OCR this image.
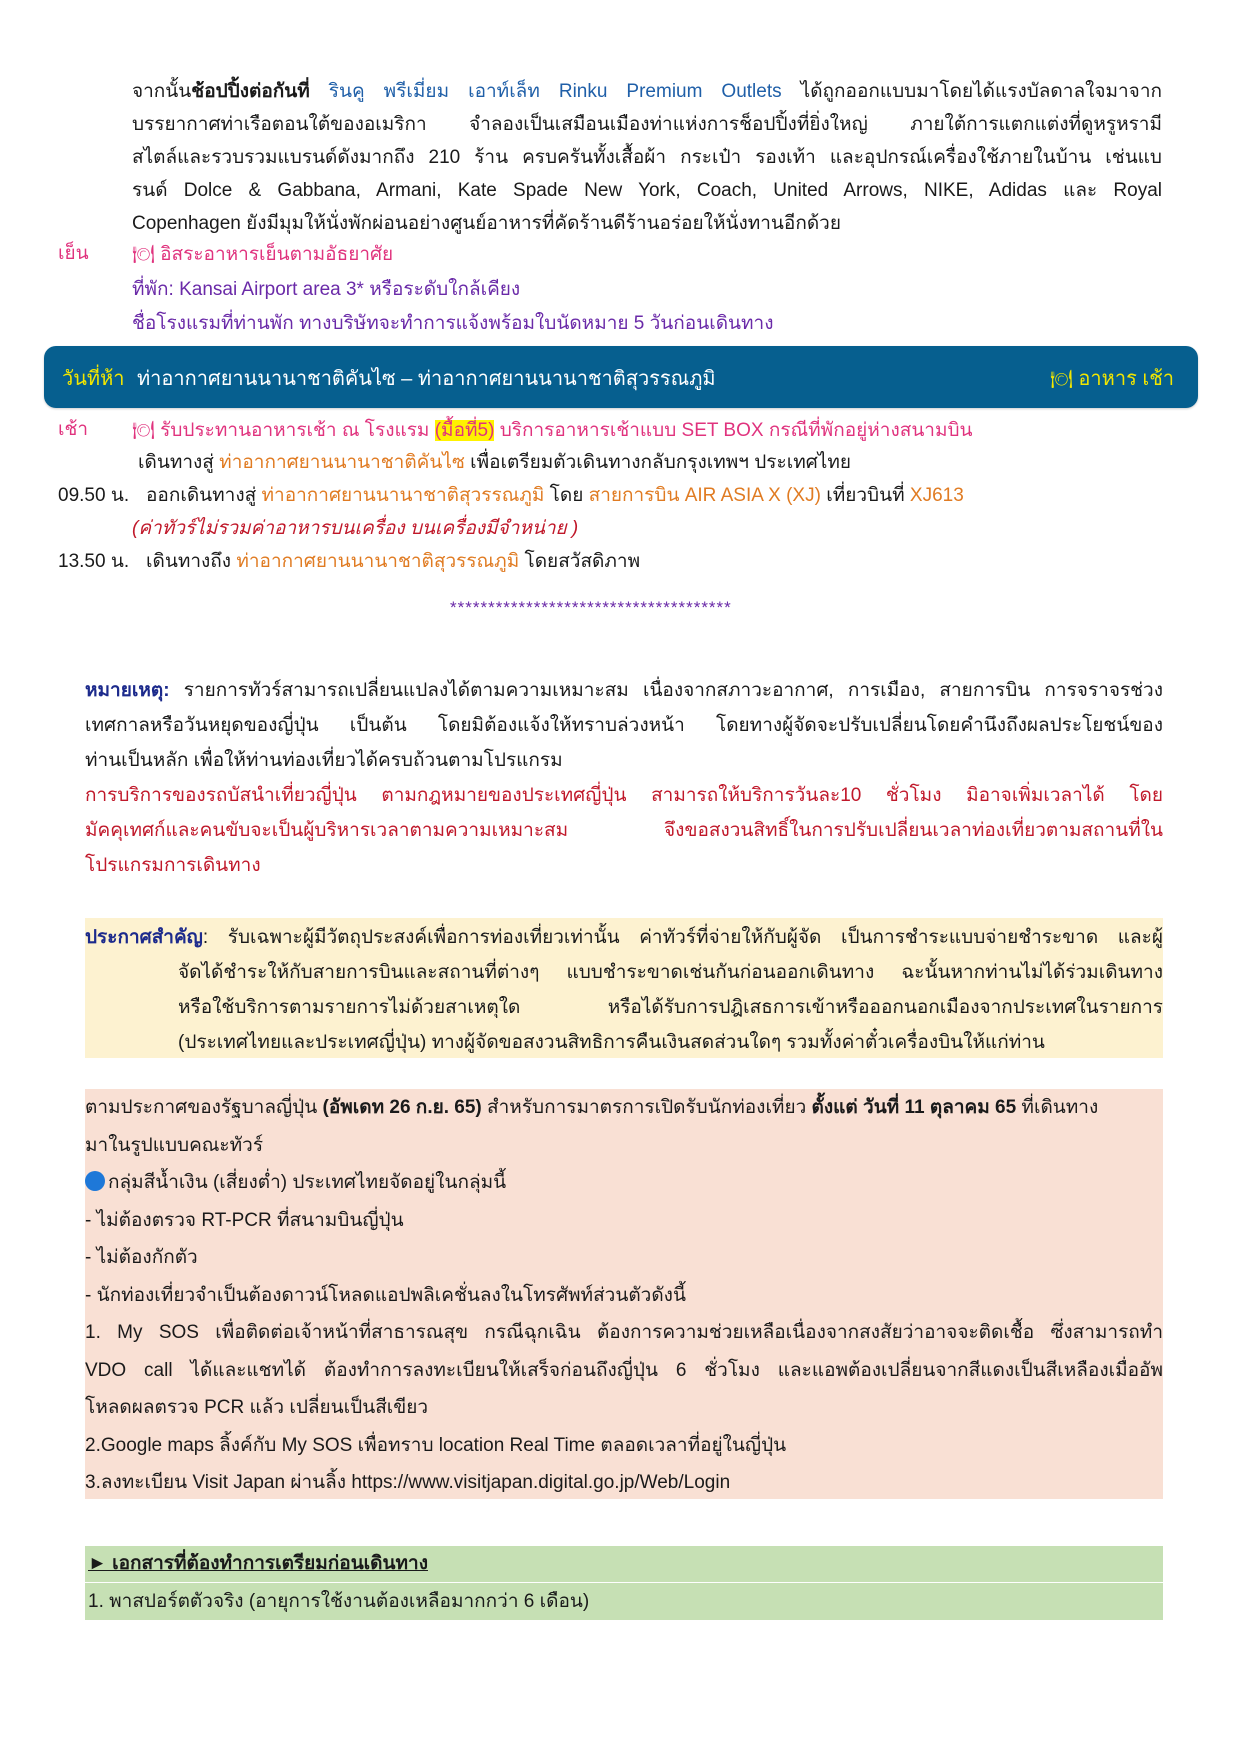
จากนั้นช้อปปิ้งต่อกันที่ รินคู พรีเมี่ยม เอาท์เล็ท Rinku Premium Outlets ได้ถูกออกแบบมาโดยได้แรงบัลดาลใจมาจาก
บรรยากาศท่าเรือตอนใต้ของอเมริกา จำลองเป็นเสมือนเมืองท่าแห่งการช็อปปิ้งที่ยิ่งใหญ่ ภายใต้การแตกแต่งที่ดูหรูหรามี
สไตล์และรวบรวมแบรนด์ดังมากถึง 210 ร้าน ครบครันทั้งเสื้อผ้า กระเป๋า รองเท้า และอุปกรณ์เครื่องใช้ภายในบ้าน เช่นแบ
รนด์ Dolce & Gabbana, Armani, Kate Spade New York, Coach, United Arrows, NIKE, Adidas และ Royal
Copenhagen ยังมีมุมให้นั่งพักผ่อนอย่างศูนย์อาหารที่คัดร้านดีร้านอร่อยให้นั่งทานอีกด้วย
เย็น 🍽 อิสระอาหารเย็นตามอัธยาศัย
ที่พัก: Kansai Airport area 3* หรือระดับใกล้เคียง
ชื่อโรงแรมที่ท่านพัก ทางบริษัทจะทำการแจ้งพร้อมใบนัดหมาย 5 วันก่อนเดินทาง
วันที่ห้า ท่าอากาศยานนานาชาติคันไซ – ท่าอากาศยานนานาชาติสุวรรณภูมิ	🍽 อาหาร เช้า
เช้า 🍽 รับประทานอาหารเช้า ณ โรงแรม (มื้อที่5) บริการอาหารเช้าแบบ SET BOX กรณีที่พักอยู่ห่างสนามบิน
เดินทางสู่ ท่าอากาศยานนานาชาติคันไซ เพื่อเตรียมตัวเดินทางกลับกรุงเทพฯ ประเทศไทย
09.50 น. ออกเดินทางสู่ ท่าอากาศยานนานาชาติสุวรรณภูมิ โดย สายการบิน AIR ASIA X (XJ) เที่ยวบินที่ XJ613
(ค่าทัวร์ไม่รวมค่าอาหารบนเครื่อง บนเครื่องมีจำหน่าย )
13.50 น. เดินทางถึง ท่าอากาศยานนานาชาติสุวรรณภูมิ โดยสวัสดิภาพ
*************************************
หมายเหตุ: รายการทัวร์สามารถเปลี่ยนแปลงได้ตามความเหมาะสม เนื่องจากสภาวะอากาศ, การเมือง, สายการบิน การจราจรช่วง
เทศกาลหรือวันหยุดของญี่ปุ่น เป็นต้น โดยมิต้องแจ้งให้ทราบล่วงหน้า โดยทางผู้จัดจะปรับเปลี่ยนโดยคำนึงถึงผลประโยชน์ของ
ท่านเป็นหลัก เพื่อให้ท่านท่องเที่ยวได้ครบถ้วนตามโปรแกรม
การบริการของรถบัสนำเที่ยวญี่ปุ่น ตามกฎหมายของประเทศญี่ปุ่น สามารถให้บริการวันละ10 ชั่วโมง มิอาจเพิ่มเวลาได้ โดย
มัคคุเทศก์และคนขับจะเป็นผู้บริหารเวลาตามความเหมาะสม จึงขอสงวนสิทธิ์ในการปรับเปลี่ยนเวลาท่องเที่ยวตามสถานที่ใน
โปรแกรมการเดินทาง
ประกาศสำคัญ: รับเฉพาะผู้มีวัตถุประสงค์เพื่อการท่องเที่ยวเท่านั้น ค่าทัวร์ที่จ่ายให้กับผู้จัด เป็นการชำระแบบจ่ายชำระขาด และผู้
จัดได้ชำระให้กับสายการบินและสถานที่ต่างๆ แบบชำระขาดเช่นกันก่อนออกเดินทาง ฉะนั้นหากท่านไม่ได้ร่วมเดินทาง
หรือใช้บริการตามรายการไม่ด้วยสาเหตุใด หรือได้รับการปฎิเสธการเข้าหรือออกนอกเมืองจากประเทศในรายการ
(ประเทศไทยและประเทศญี่ปุ่น) ทางผู้จัดขอสงวนสิทธิการคืนเงินสดส่วนใดๆ รวมทั้งค่าตั๋วเครื่องบินให้แก่ท่าน
ตามประกาศของรัฐบาลญี่ปุ่น (อัพเดท 26 ก.ย. 65) สำหรับการมาตรการเปิดรับนักท่องเที่ยว ตั้งแต่ วันที่ 11 ตุลาคม 65 ที่เดินทาง
มาในรูปแบบคณะทัวร์
กลุ่มสีน้ำเงิน (เสี่ยงต่ำ) ประเทศไทยจัดอยู่ในกลุ่มนี้
- ไม่ต้องตรวจ RT-PCR ที่สนามบินญี่ปุ่น
- ไม่ต้องกักตัว
- นักท่องเที่ยวจำเป็นต้องดาวน์โหลดแอปพลิเคชั่นลงในโทรศัพท์ส่วนตัวดังนี้
1. My SOS เพื่อติดต่อเจ้าหน้าที่สาธารณสุข กรณีฉุกเฉิน ต้องการความช่วยเหลือเนื่องจากสงสัยว่าอาจจะติดเชื้อ ซึ่งสามารถทำ
VDO call ได้และแชทได้ ต้องทำการลงทะเบียนให้เสร็จก่อนถึงญี่ปุ่น 6 ชั่วโมง และแอพต้องเปลี่ยนจากสีแดงเป็นสีเหลืองเมื่ออัพ
โหลดผลตรวจ PCR แล้ว เปลี่ยนเป็นสีเขียว
2.Google maps ลิ้งค์กับ My SOS เพื่อทราบ location Real Time ตลอดเวลาที่อยู่ในญี่ปุ่น
3.ลงทะเบียน Visit Japan ผ่านลิ้ง https://www.visitjapan.digital.go.jp/Web/Login
► เอกสารที่ต้องทำการเตรียมก่อนเดินทาง
1. พาสปอร์ตตัวจริง (อายุการใช้งานต้องเหลือมากกว่า 6 เดือน)
